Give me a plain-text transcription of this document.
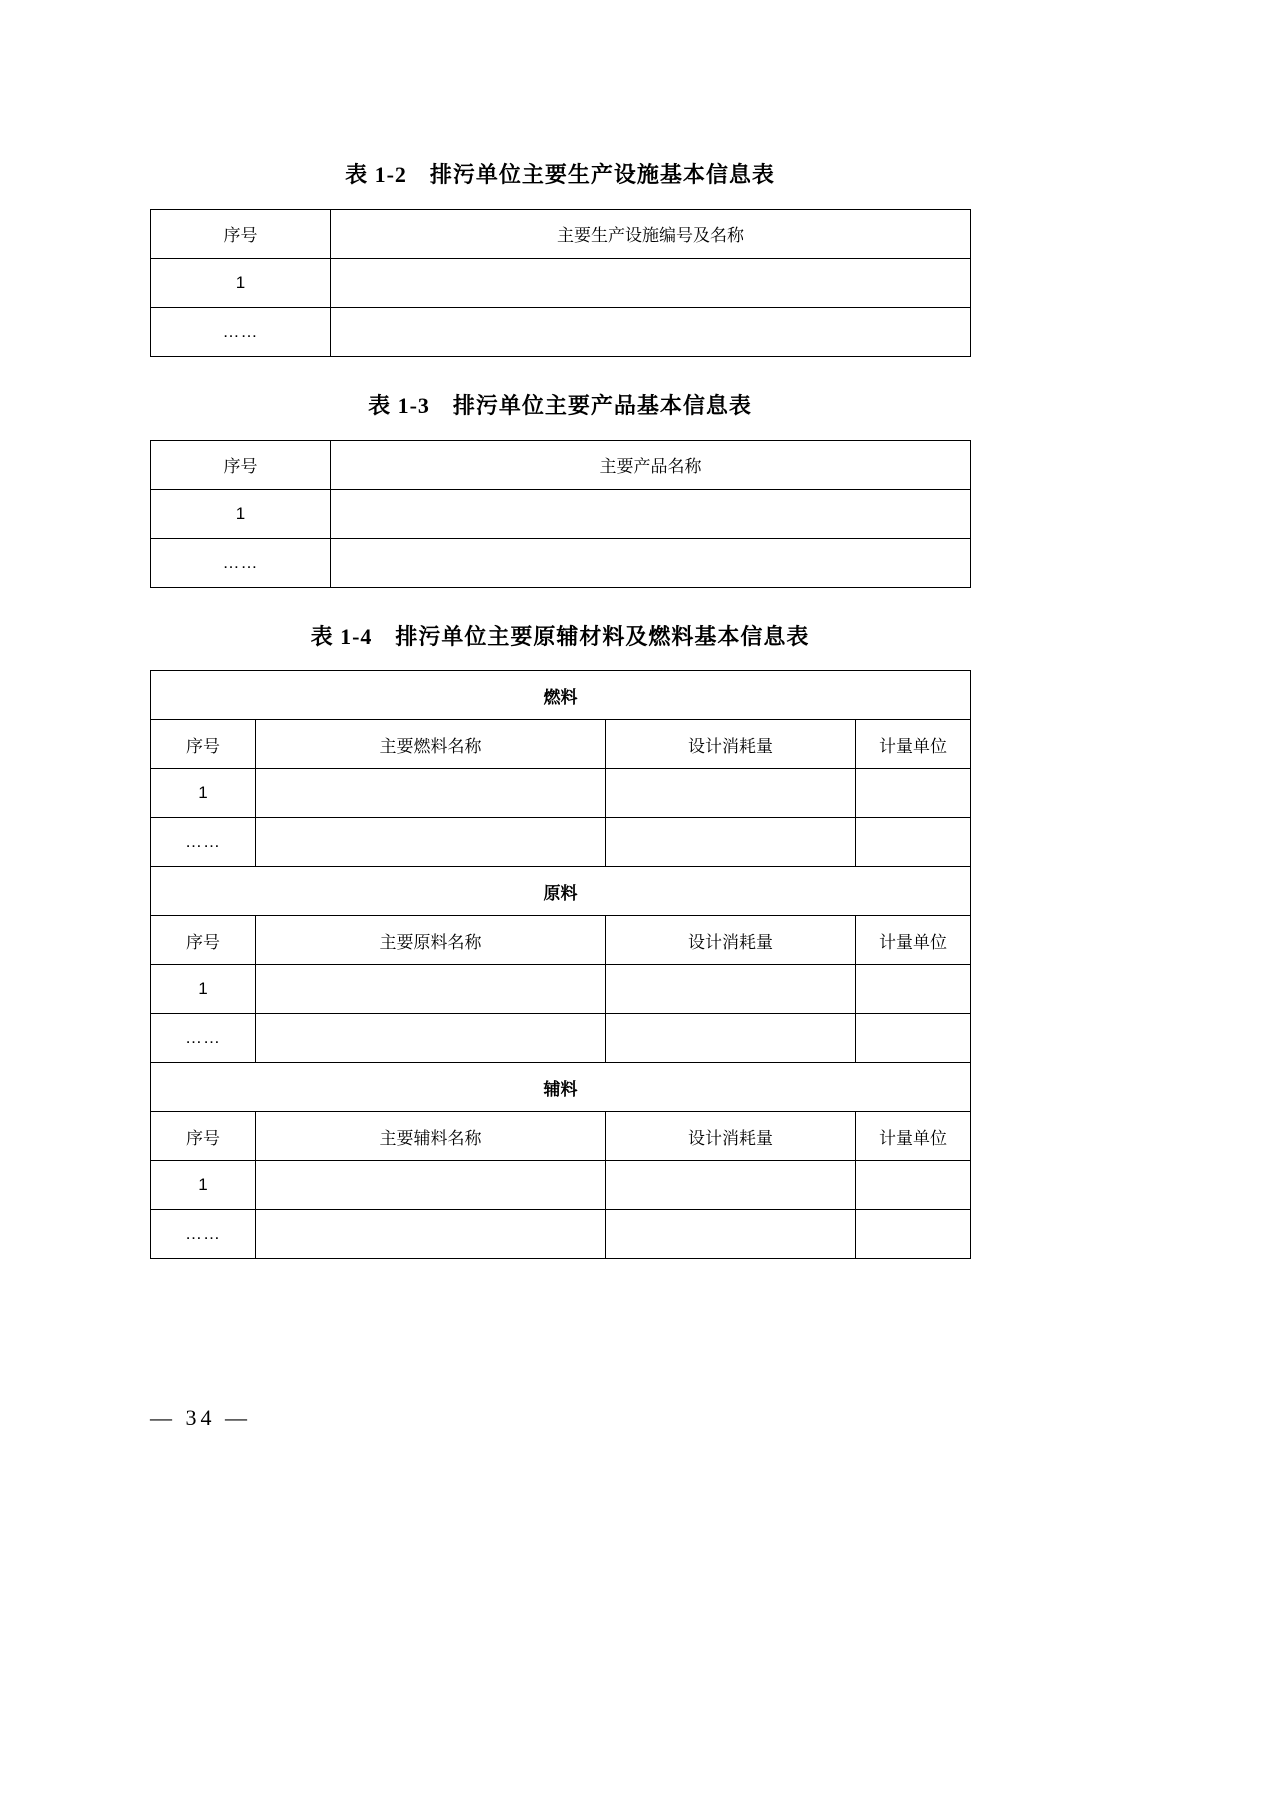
表 1-2　排污单位主要生产设施基本信息表
序号	主要生产设施编号及名称
1	
……	
表 1-3　排污单位主要产品基本信息表
序号	主要产品名称
1	
……	
表 1-4　排污单位主要原辅材料及燃料基本信息表
燃料			
序号	主要燃料名称	设计消耗量	计量单位
1			
……			
原料			
序号	主要原料名称	设计消耗量	计量单位
1			
……			
辅料			
序号	主要辅料名称	设计消耗量	计量单位
1			
……			
— 34 —
